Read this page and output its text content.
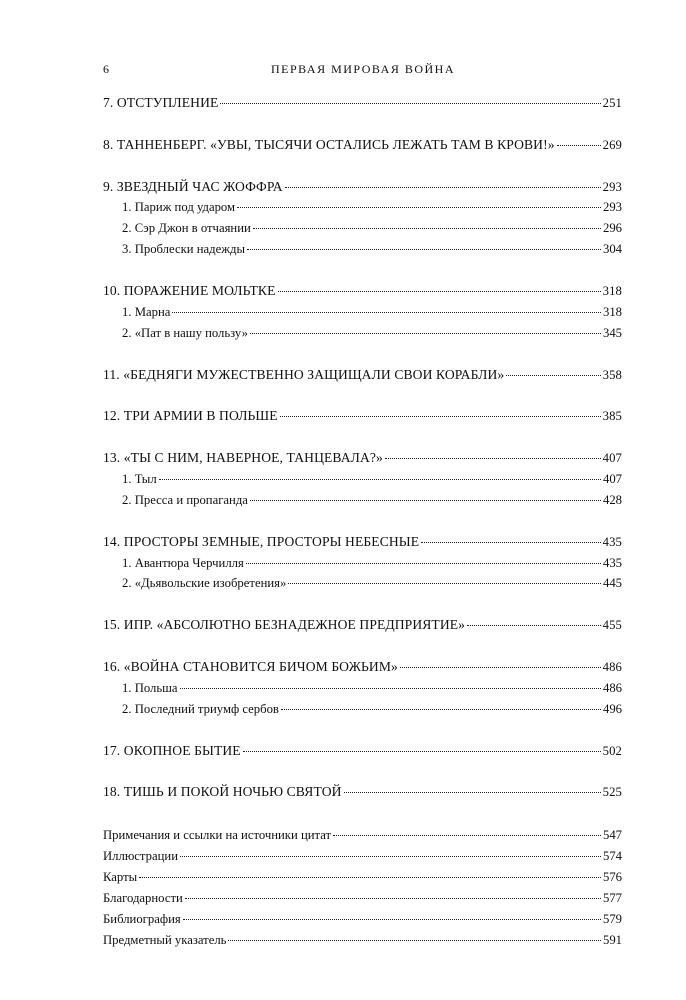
6	ПЕРВАЯ МИРОВАЯ ВОЙНА
7. ОТСТУПЛЕНИЕ	251
8. ТАННЕНБЕРГ. «УВЫ, ТЫСЯЧИ ОСТАЛИСЬ ЛЕЖАТЬ ТАМ В КРОВИ!»	269
9. ЗВЕЗДНЫЙ ЧАС ЖОФФРА	293
1. Париж под ударом	293
2. Сэр Джон в отчаянии	296
3. Проблески надежды	304
10. ПОРАЖЕНИЕ МОЛЬТКЕ	318
1. Марна	318
2. «Пат в нашу пользу»	345
11. «БЕДНЯГИ МУЖЕСТВЕННО ЗАЩИЩАЛИ СВОИ КОРАБЛИ»	358
12. ТРИ АРМИИ В ПОЛЬШЕ	385
13. «ТЫ С НИМ, НАВЕРНОЕ, ТАНЦЕВАЛА?»	407
1. Тыл	407
2. Пресса и пропаганда	428
14. ПРОСТОРЫ ЗЕМНЫЕ, ПРОСТОРЫ НЕБЕСНЫЕ	435
1. Авантюра Черчилля	435
2. «Дьявольские изобретения»	445
15. ИПР. «АБСОЛЮТНО БЕЗНАДЕЖНОЕ ПРЕДПРИЯТИЕ»	455
16. «ВОЙНА СТАНОВИТСЯ БИЧОМ БОЖЬИМ»	486
1. Польша	486
2. Последний триумф сербов	496
17. ОКОПНОЕ БЫТИЕ	502
18. ТИШЬ И ПОКОЙ НОЧЬЮ СВЯТОЙ	525
Примечания и ссылки на источники цитат	547
Иллюстрации	574
Карты	576
Благодарности	577
Библиография	579
Предметный указатель	591
